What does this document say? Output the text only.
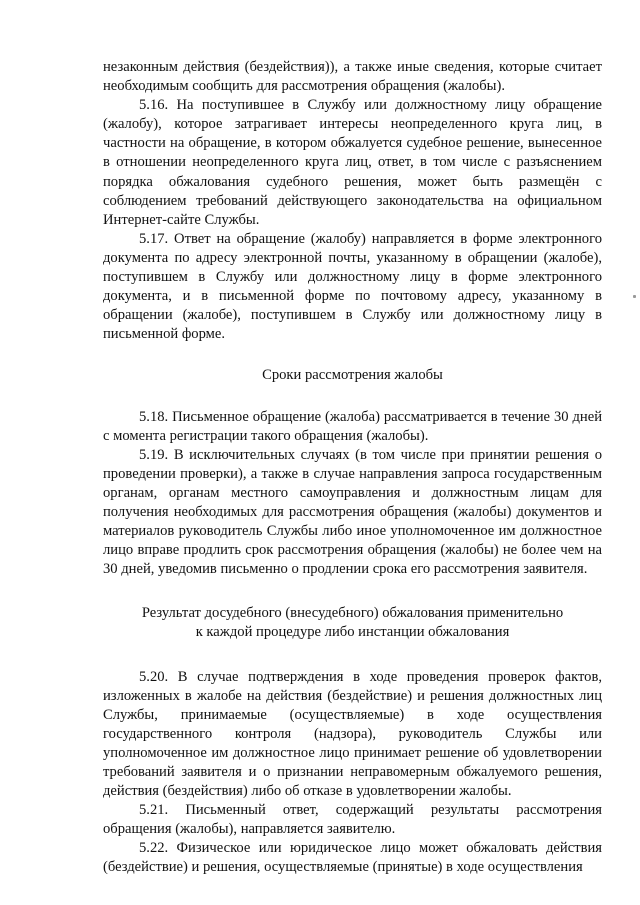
незаконным действия (бездействия)), а также иные сведения, которые считает необходимым сообщить для рассмотрения обращения (жалобы).

5.16. На поступившее в Службу или должностному лицу обращение (жалобу), которое затрагивает интересы неопределенного круга лиц, в частности на обращение, в котором обжалуется судебное решение, вынесенное в отношении неопределенного круга лиц, ответ, в том числе с разъяснением порядка обжалования судебного решения, может быть размещён с соблюдением требований действующего законодательства на официальном Интернет-сайте Службы.

5.17. Ответ на обращение (жалобу) направляется в форме электронного документа по адресу электронной почты, указанному в обращении (жалобе), поступившем в Службу или должностному лицу в форме электронного документа, и в письменной форме по почтовому адресу, указанному в обращении (жалобе), поступившем в Службу или должностному лицу в письменной форме.

Сроки рассмотрения жалобы

5.18. Письменное обращение (жалоба) рассматривается в течение 30 дней с момента регистрации такого обращения (жалобы).

5.19. В исключительных случаях (в том числе при принятии решения о проведении проверки), а также в случае направления запроса государственным органам, органам местного самоуправления и должностным лицам для получения необходимых для рассмотрения обращения (жалобы) документов и материалов руководитель Службы либо иное уполномоченное им должностное лицо вправе продлить срок рассмотрения обращения (жалобы) не более чем на 30 дней, уведомив письменно о продлении срока его рассмотрения заявителя.

Результат досудебного (внесудебного) обжалования применительно
к каждой процедуре либо инстанции обжалования

5.20. В случае подтверждения в ходе проведения проверок фактов, изложенных в жалобе на действия (бездействие) и решения должностных лиц Службы, принимаемые (осуществляемые) в ходе осуществления государственного контроля (надзора), руководитель Службы или уполномоченное им должностное лицо принимает решение об удовлетворении требований заявителя и о признании неправомерным обжалуемого решения, действия (бездействия) либо об отказе в удовлетворении жалобы.

5.21. Письменный ответ, содержащий результаты рассмотрения обращения (жалобы), направляется заявителю.

5.22. Физическое или юридическое лицо может обжаловать действия (бездействие) и решения, осуществляемые (принятые) в ходе осуществления
